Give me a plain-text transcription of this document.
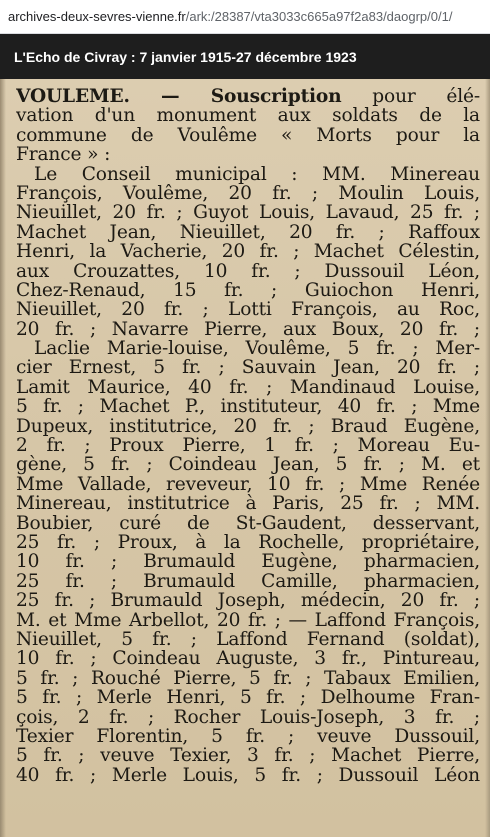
archives-deux-sevres-vienne.fr /ark:/28387/vta3033c665a97f2a83/daogrp/0/1/
L'Echo de Civray : 7 janvier 1915-27 décembre 1923
VOULÊME. — Souscription pour élé-
vation d'un monument aux soldats de la
commune de Voulême « Morts pour la
France » :
Le Conseil municipal : MM. Minereau
François, Voulême, 20 fr. ; Moulin Louis,
Nieuillet, 20 fr. ; Guyot Louis, Lavaud, 25 fr. ;
Machet Jean, Nieuillet, 20 fr. ; Raffoux
Henri, la Vacherie, 20 fr. ; Machet Célestin,
aux Crouzattes, 10 fr. ; Dussouil Léon,
Chez-Renaud, 15 fr. ; Guiochon Henri,
Nieuillet, 20 fr. ; Lotti François, au Roc,
20 fr. ; Navarre Pierre, aux Boux, 20 fr. ;
Laclie Marie-louise, Voulême, 5 fr. ; Mer-
cier Ernest, 5 fr. ; Sauvain Jean, 20 fr. ;
Lamit Maurice, 40 fr. ; Mandinaud Louise,
5 fr. ; Machet P., instituteur, 40 fr. ; Mme
Dupeux, institutrice, 20 fr. ; Braud Eugène,
2 fr. ; Proux Pierre, 1 fr. ; Moreau Eu-
gène, 5 fr. ; Coindeau Jean, 5 fr. ; M. et
Mme Vallade, reveveur, 10 fr. ; Mme Renée
Minereau, institutrice à Paris, 25 fr. ; MM.
Boubier, curé de St-Gaudent, desservant,
25 fr. ; Proux, à la Rochelle, propriétaire,
10 fr. ; Brumauld Eugène, pharmacien,
25 fr. ; Brumauld Camille, pharmacien,
25 fr. ; Brumauld Joseph, médecin, 20 fr. ;
M. et Mme Arbellot, 20 fr. ; — Laffond François,
Nieuillet, 5 fr. ; Laffond Fernand (soldat),
10 fr. ; Coindeau Auguste, 3 fr., Pintureau,
5 fr. ; Rouché Pierre, 5 fr. ; Tabaux Emilien,
5 fr. ; Merle Henri, 5 fr. ; Delhoume Fran-
çois, 2 fr. ; Rocher Louis-Joseph, 3 fr. ;
Texier Florentin, 5 fr. ; veuve Dussouil,
5 fr. ; veuve Texier, 3 fr. ; Machet Pierre,
40 fr. ; Merle Louis, 5 fr. ; Dussouil Léon
